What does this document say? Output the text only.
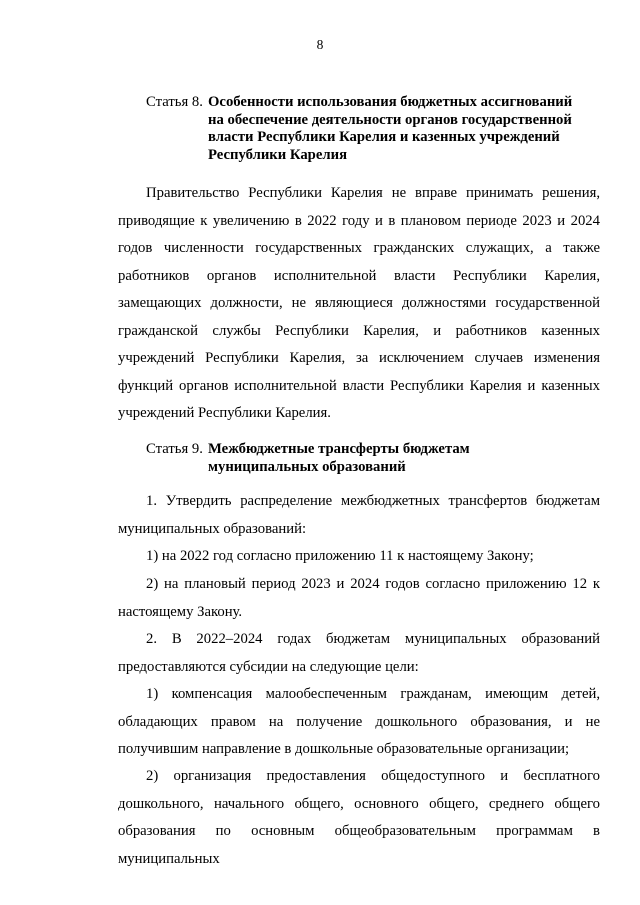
8
Статья 8. Особенности использования бюджетных ассигнований
на обеспечение деятельности органов государственной
власти Республики Карелия и казенных учреждений
Республики Карелия

Правительство Республики Карелия не вправе принимать решения, приводящие к увеличению в 2022 году и в плановом периоде 2023 и 2024 годов численности государственных гражданских служащих, а также работников органов исполнительной власти Республики Карелия, замещающих должности, не являющиеся должностями государственной гражданской службы Республики Карелия, и работников казенных учреждений Республики Карелия, за исключением случаев изменения функций органов исполнительной власти Республики Карелия и казенных учреждений Республики Карелия.

Статья 9. Межбюджетные трансферты бюджетам
муниципальных образований

1. Утвердить распределение межбюджетных трансфертов бюджетам муниципальных образований:

1) на 2022 год согласно приложению 11 к настоящему Закону;

2) на плановый период 2023 и 2024 годов согласно приложению 12 к настоящему Закону.

2. В 2022–2024 годах бюджетам муниципальных образований предоставляются субсидии на следующие цели:

1) компенсация малообеспеченным гражданам, имеющим детей, обладающих правом на получение дошкольного образования, и не получившим направление в дошкольные образовательные организации;

2) организация предоставления общедоступного и бесплатного дошкольного, начального общего, основного общего, среднего общего образования по основным общеобразовательным программам в муниципальных
